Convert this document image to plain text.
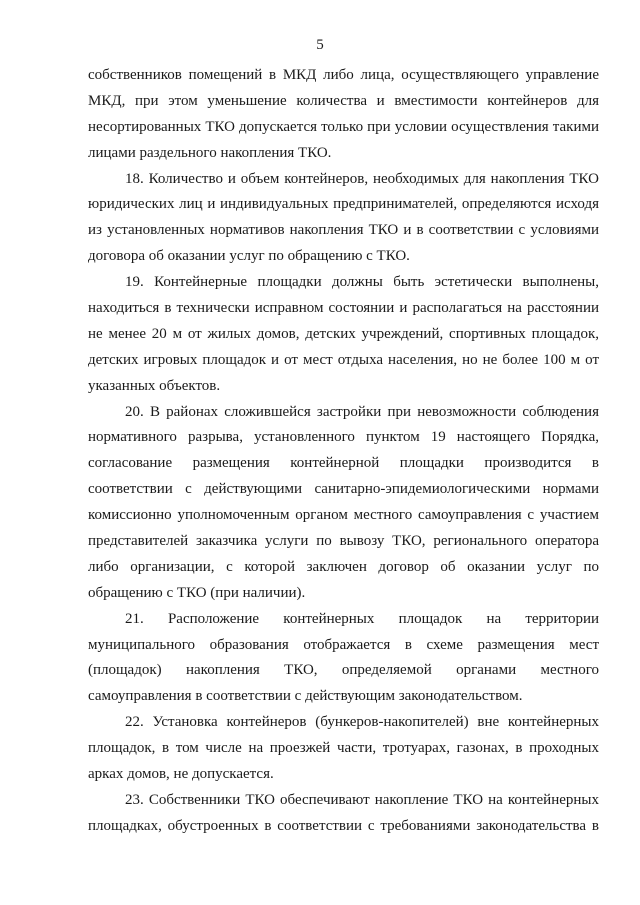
5
собственников помещений в МКД либо лица, осуществляющего управление
МКД, при этом уменьшение количества и вместимости контейнеров для
несортированных ТКО допускается только при условии осуществления такими
лицами раздельного накопления ТКО.
18. Количество и объем контейнеров, необходимых для накопления ТКО
юридических лиц и индивидуальных предпринимателей, определяются исходя
из установленных нормативов накопления ТКО и в соответствии с условиями
договора об оказании услуг по обращению с ТКО.
19. Контейнерные площадки должны быть эстетически выполнены,
находиться в технически исправном состоянии и располагаться на расстоянии
не менее 20 м от жилых домов, детских учреждений, спортивных площадок,
детских игровых площадок и от мест отдыха населения, но не более 100 м от
указанных объектов.
20. В районах сложившейся застройки при невозможности соблюдения
нормативного разрыва, установленного пунктом 19 настоящего Порядка,
согласование размещения контейнерной площадки производится в
соответствии с действующими санитарно-эпидемиологическими нормами
комиссионно уполномоченным органом местного самоуправления с участием
представителей заказчика услуги по вывозу ТКО, регионального оператора
либо организации, с которой заключен договор об оказании услуг по
обращению с ТКО (при наличии).
21. Расположение контейнерных площадок на территории
муниципального образования отображается в схеме размещения мест
(площадок) накопления ТКО, определяемой органами местного
самоуправления в соответствии с действующим законодательством.
22. Установка контейнеров (бункеров-накопителей) вне контейнерных
площадок, в том числе на проезжей части, тротуарах, газонах, в проходных
арках домов, не допускается.
23. Собственники ТКО обеспечивают накопление ТКО на контейнерных
площадках, обустроенных в соответствии с требованиями законодательства в
